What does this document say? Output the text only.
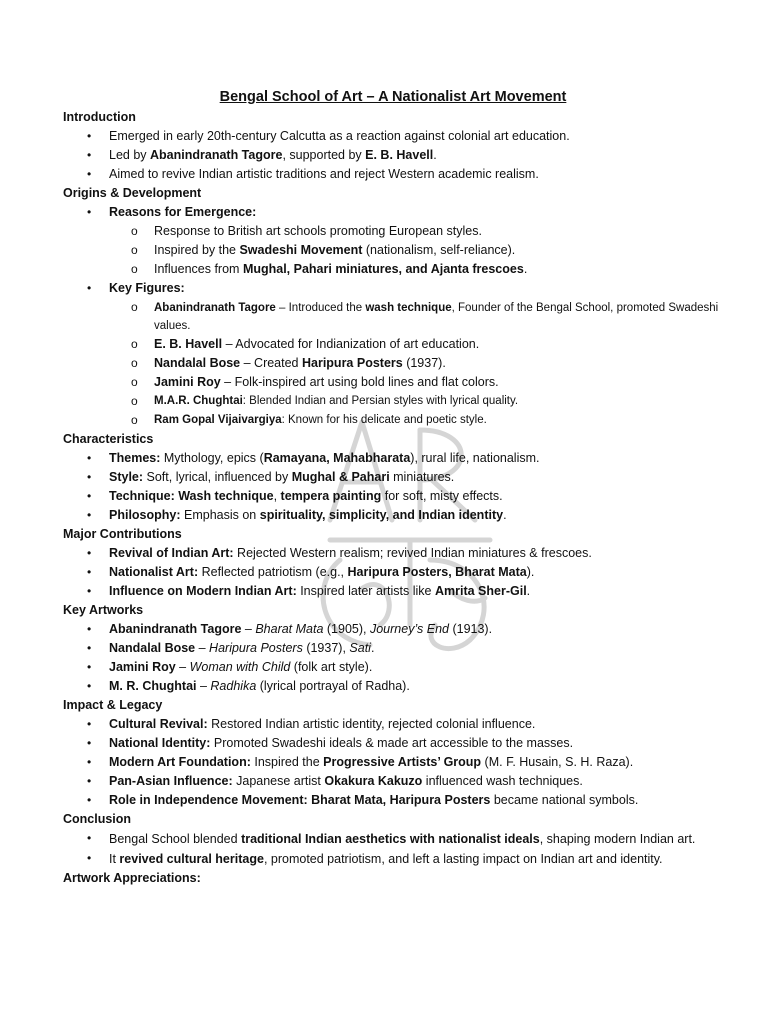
Bengal School of Art – A Nationalist Art Movement
Introduction
• Emerged in early 20th-century Calcutta as a reaction against colonial art education.
• Led by Abanindranath Tagore, supported by E. B. Havell.
• Aimed to revive Indian artistic traditions and reject Western academic realism.
Origins & Development
• Reasons for Emergence:
o Response to British art schools promoting European styles.
o Inspired by the Swadeshi Movement (nationalism, self-reliance).
o Influences from Mughal, Pahari miniatures, and Ajanta frescoes.
• Key Figures:
o Abanindranath Tagore – Introduced the wash technique, Founder of the Bengal School, promoted Swadeshi values.
o E. B. Havell – Advocated for Indianization of art education.
o Nandalal Bose – Created Haripura Posters (1937).
o Jamini Roy – Folk-inspired art using bold lines and flat colors.
o M.A.R. Chughtai: Blended Indian and Persian styles with lyrical quality.
o Ram Gopal Vijaivargiya: Known for his delicate and poetic style.
Characteristics
• Themes: Mythology, epics (Ramayana, Mahabharata), rural life, nationalism.
• Style: Soft, lyrical, influenced by Mughal & Pahari miniatures.
• Technique: Wash technique, tempera painting for soft, misty effects.
• Philosophy: Emphasis on spirituality, simplicity, and Indian identity.
Major Contributions
• Revival of Indian Art: Rejected Western realism; revived Indian miniatures & frescoes.
• Nationalist Art: Reflected patriotism (e.g., Haripura Posters, Bharat Mata).
• Influence on Modern Indian Art: Inspired later artists like Amrita Sher-Gil.
Key Artworks
• Abanindranath Tagore – Bharat Mata (1905), Journey’s End (1913).
• Nandalal Bose – Haripura Posters (1937), Sati.
• Jamini Roy – Woman with Child (folk art style).
• M. R. Chughtai – Radhika (lyrical portrayal of Radha).
Impact & Legacy
• Cultural Revival: Restored Indian artistic identity, rejected colonial influence.
• National Identity: Promoted Swadeshi ideals & made art accessible to the masses.
• Modern Art Foundation: Inspired the Progressive Artists’ Group (M. F. Husain, S. H. Raza).
• Pan-Asian Influence: Japanese artist Okakura Kakuzo influenced wash techniques.
• Role in Independence Movement: Bharat Mata, Haripura Posters became national symbols.
Conclusion
• Bengal School blended traditional Indian aesthetics with nationalist ideals, shaping modern Indian art.
• It revived cultural heritage, promoted patriotism, and left a lasting impact on Indian art and identity.
Artwork Appreciations:
